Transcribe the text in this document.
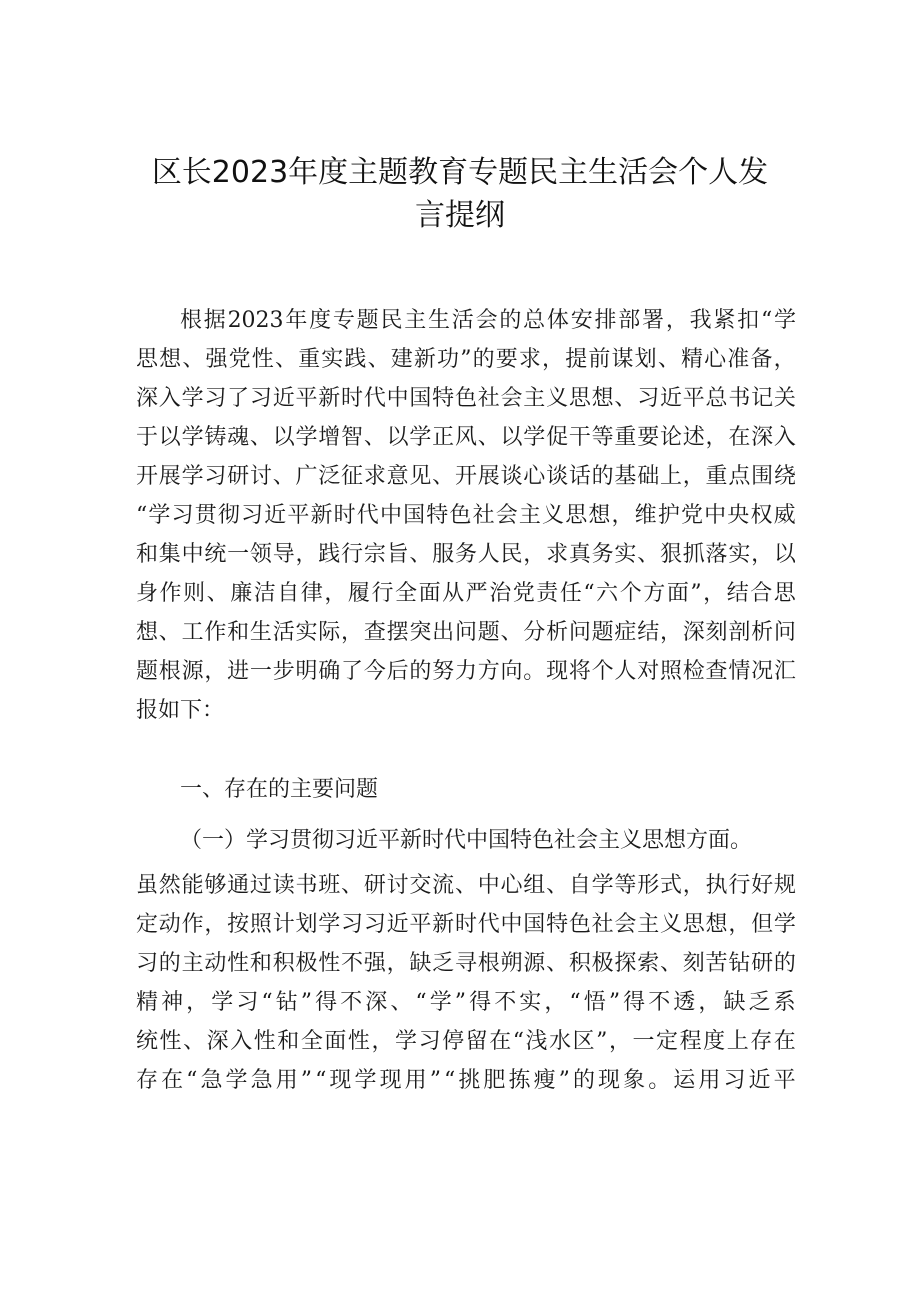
区长2023年度主题教育专题民主生活会个人发
言提纲

根 据 2023 年 度 专 题 民 主 生 活 会 的 总 体 安 排 部 署 ， 我 紧 扣 “ 学

思 想 、 强 党 性 、 重 实 践 、 建 新 功 ” 的 要 求 ， 提 前 谋 划 、 精 心 准 备 ，

深 入 学 习 了 习 近 平 新 时 代 中 国 特 色 社 会 主 义 思 想 、 习 近 平 总 书 记 关

于 以 学 铸 魂 、 以 学 增 智 、 以 学 正 风 、 以 学 促 干 等 重 要 论 述 ， 在 深 入

开 展 学 习 研 讨 、 广 泛 征 求 意 见 、 开 展 谈 心 谈 话 的 基 础 上 ， 重 点 围 绕

“ 学 习 贯 彻 习 近 平 新 时 代 中 国 特 色 社 会 主 义 思 想 ， 维 护 党 中 央 权 威

和 集 中 统 一 领 导 ， 践 行 宗 旨 、 服 务 人 民 ， 求 真 务 实 、 狠 抓 落 实 ， 以

身 作 则 、 廉 洁 自 律 ， 履 行 全 面 从 严 治 党 责 任 “ 六 个 方 面 ” ， 结 合 思

想 、 工 作 和 生 活 实 际 ， 查 摆 突 出 问 题 、 分 析 问 题 症 结 ， 深 刻 剖 析 问

题 根 源 ， 进 一 步 明 确 了 今 后 的 努 力 方 向 。 现 将 个 人 对 照 检 查 情 况 汇

报如下：

一、存在的主要问题

（一）学习贯彻习近平新时代中国特色社会主义思想方面。

虽 然 能 够 通 过 读 书 班 、 研 讨 交 流 、 中 心 组 、 自 学 等 形 式 ， 执 行 好 规

定 动 作 ， 按 照 计 划 学 习 习 近 平 新 时 代 中 国 特 色 社 会 主 义 思 想 ， 但 学

习 的 主 动 性 和 积 极 性 不 强 ， 缺 乏 寻 根 朔 源 、 积 极 探 索 、 刻 苦 钻 研 的

精 神 ， 学 习 “ 钻 ” 得 不 深 、 “ 学 ” 得 不 实 ， “ 悟 ” 得 不 透 ， 缺 乏 系

统 性 、 深 入 性 和 全 面 性 ， 学 习 停 留 在 “ 浅 水 区 ” ， 一 定 程 度 上 存 在

存 在 “ 急 学 急 用 ” “ 现 学 现 用 ” “ 挑 肥 拣 瘦 ” 的 现 象 。 运 用 习 近 平
